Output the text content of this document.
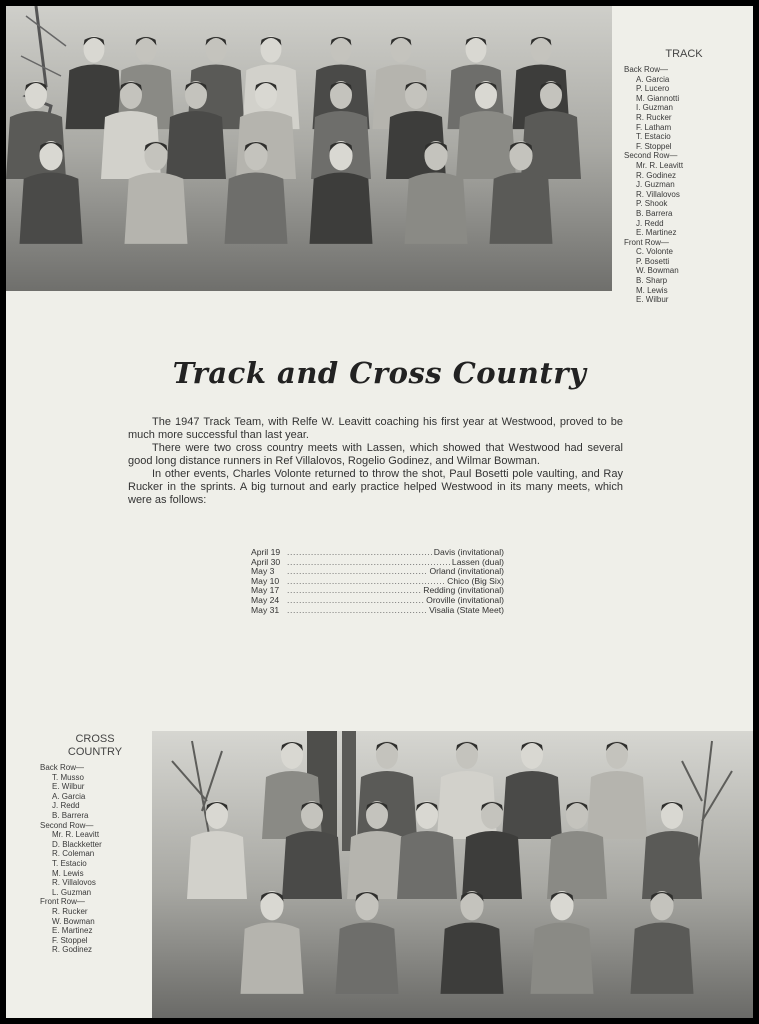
TRACK
Back Row—
A. Garcia
P. Lucero
M. Giannotti
I. Guzman
R. Rucker
F. Latham
T. Estacio
F. Stoppel
Second Row—
Mr. R. Leavitt
R. Godinez
J. Guzman
R. Villalovos
P. Shook
B. Barrera
J. Redd
E. Martinez
Front Row—
C. Volonte
P. Bosetti
W. Bowman
B. Sharp
M. Lewis
E. Wilbur
Track and Cross Country

The 1947 Track Team, with Relfe W. Leavitt coaching his first year at Westwood, proved to be much more successful than last year.

There were two cross country meets with Lassen, which showed that Westwood had several good long distance runners in Ref Villalovos, Rogelio Godinez, and Wilmar Bowman.

In other events, Charles Volonte returned to throw the shot, Paul Bosetti pole vaulting, and Ray Rucker in the sprints. A big turnout and early practice helped Westwood in its many meets, which were as follows:

April 19 .....	Davis (invitational)
April 30 .....	Lassen (dual)
May 3 .....	Orland (invitational)
May 10 .....	Chico (Big Six)
May 17 .....	Redding (invitational)
May 24 .....	Oroville (invitational)
May 31 .....	Visalia (State Meet)
CROSS
COUNTRY
Back Row—
T. Musso
E. Wilbur
A. Garcia
J. Redd
B. Barrera
Second Row—
Mr. R. Leavitt
D. Blackketter
R. Coleman
T. Estacio
M. Lewis
R. Villalovos
L. Guzman
Front Row—
R. Rucker
W. Bowman
E. Martinez
F. Stoppel
R. Godinez
